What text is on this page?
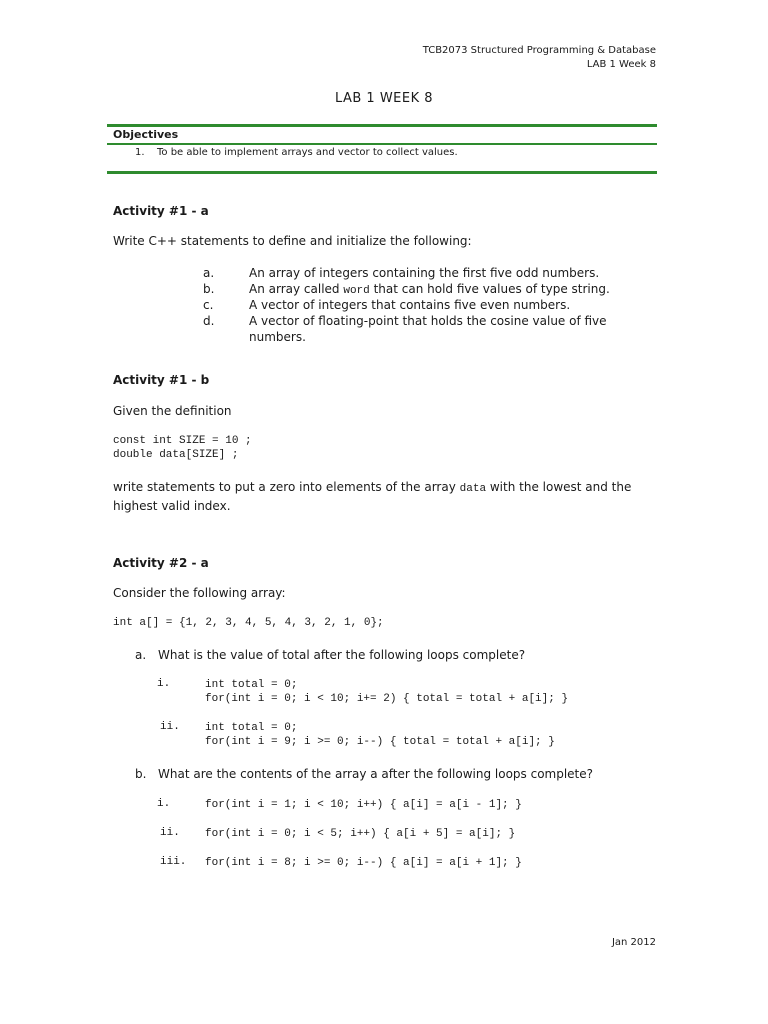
TCB2073 Structured Programming & Database
LAB 1 Week 8
LAB 1 WEEK 8
Objectives
1. To be able to implement arrays and vector to collect values.
Activity #1 - a
Write C++ statements to define and initialize the following:
a.	An array of integers containing the first five odd numbers.
b.	An array called word that can hold five values of type string.
c.	A vector of integers that contains five even numbers.
d.	A vector of floating-point that holds the cosine value of five numbers.
Activity #1 - b
Given the definition
const int SIZE = 10 ;
double data[SIZE] ;
write statements to put a zero into elements of the array data with the lowest and the highest valid index.
Activity #2 - a
Consider the following array:
int a[] = {1, 2, 3, 4, 5, 4, 3, 2, 1, 0};
a. What is the value of total after the following loops complete?
i.	int total = 0;
for(int i = 0; i < 10; i+= 2) { total = total + a[i]; }
ii. int total = 0;
for(int i = 9; i >= 0; i--) { total = total + a[i]; }
b. What are the contents of the array a after the following loops complete?
i.	for(int i = 1; i < 10; i++) { a[i] = a[i - 1]; }
ii. for(int i = 0; i < 5; i++) { a[i + 5] = a[i]; }
iii. for(int i = 8; i >= 0; i--) { a[i] = a[i + 1]; }
Jan 2012
